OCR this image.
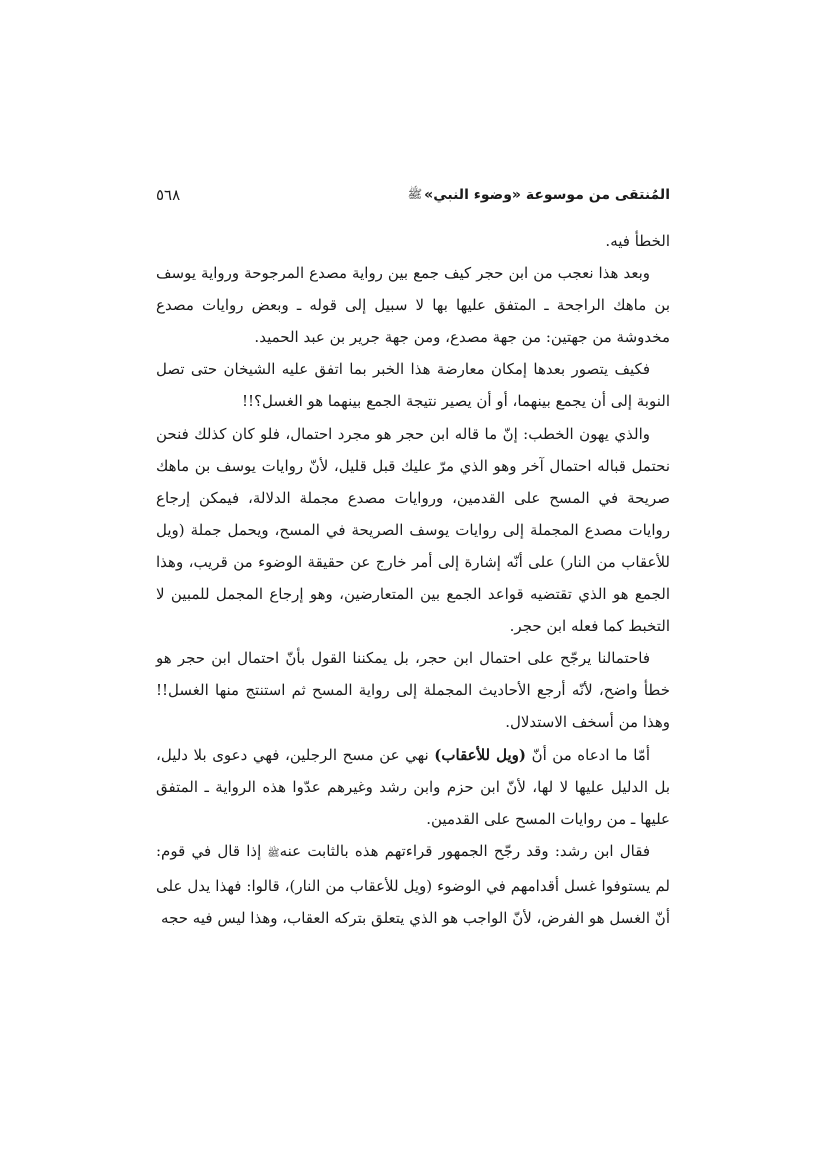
المُنتقى من موسوعة «وضوء النبي»
ﷺ
٥٦٨

الخطأ فيه.

وبعد هذا نعجب من ابن حجر كيف جمع بين رواية مصدع المرجوحة ورواية يوسف بن ماهك الراجحة ـ المتفق عليها بها لا سبيل إلى قوله ـ وبعض روايات مصدع مخدوشة من جهتين: من جهة مصدع، ومن جهة جرير بن عبد الحميد.

فكيف يتصور بعدها إمكان معارضة هذا الخبر بما اتفق عليه الشيخان حتى تصل النوبة إلى أن يجمع بينهما، أو أن يصير نتيجة الجمع بينهما هو الغسل؟!!

والذي يهون الخطب: إنّ ما قاله ابن حجر هو مجرد احتمال، فلو كان كذلك فنحن نحتمل قباله احتمال آخر وهو الذي مرّ عليك قبل قليل، لأنّ روايات يوسف بن ماهك صريحة في المسح على القدمين، وروايات مصدع مجملة الدلالة، فيمكن إرجاع روايات مصدع المجملة إلى روايات يوسف الصريحة في المسح، ويحمل جملة (ويل للأعقاب من النار) على أنّه إشارة إلى أمر خارج عن حقيقة الوضوء من قريب، وهذا الجمع هو الذي تقتضيه قواعد الجمع بين المتعارضين، وهو إرجاع المجمل للمبين لا التخبط كما فعله ابن حجر.

فاحتمالنا يرجّح على احتمال ابن حجر، بل يمكننا القول بأنّ احتمال ابن حجر هو خطأ واضح، لأنّه أرجع الأحاديث المجملة إلى رواية المسح ثم استنتج منها الغسل!! وهذا من أسخف الاستدلال.

أمّا ما ادعاه من أنّ (ويل للأعقاب) نهي عن مسح الرجلين، فهي دعوى بلا دليل، بل الدليل عليها لا لها، لأنّ ابن حزم وابن رشد وغيرهم عدّوا هذه الرواية ـ المتفق عليها ـ من روايات المسح على القدمين.

فقال ابن رشد: وقد رجّح الجمهور قراءتهم هذه بالثابت عنهﷺ إذا قال في قوم: لم يستوفوا غسل أقدامهم في الوضوء (ويل للأعقاب من النار)، قالوا: فهذا يدل على أنّ الغسل هو الفرض، لأنّ الواجب هو الذي يتعلق بتركه العقاب، وهذا ليس فيه حجه
